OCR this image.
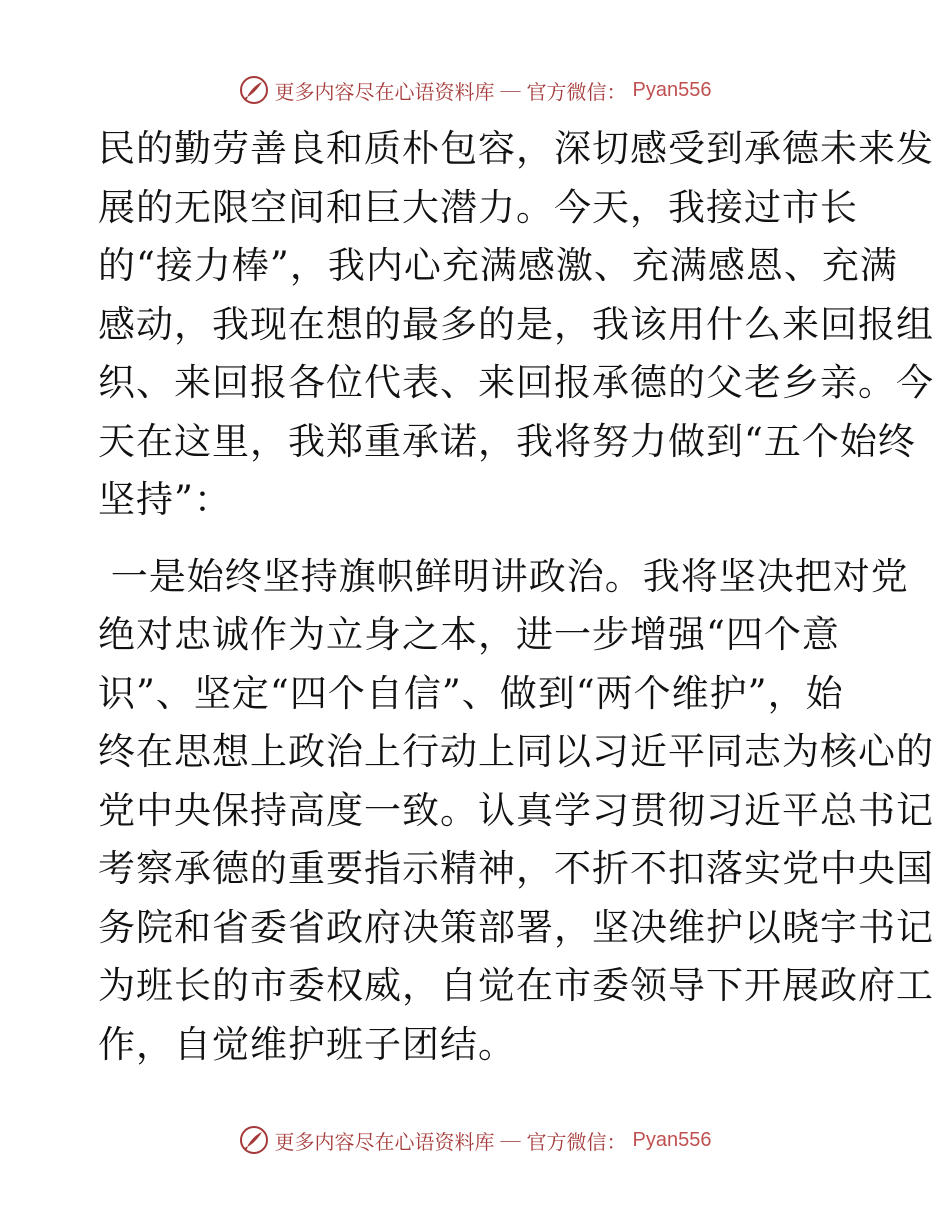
更多内容尽在心语资料库 — 官方微信： Pyan556

民的勤劳善良和质朴包容，深切感受到承德未来发
展的无限空间和巨大潜力。今天，我接过市长
的“接力棒”，我内心充满感激、充满感恩、充满
感动，我现在想的最多的是，我该用什么来回报组
织、来回报各位代表、来回报承德的父老乡亲。今
天在这里，我郑重承诺，我将努力做到“五个始终
坚持”：

一是始终坚持旗帜鲜明讲政治。我将坚决把对党
绝对忠诚作为立身之本，进一步增强“四个意
识”、坚定“四个自信”、做到“两个维护”，始
终在思想上政治上行动上同以习近平同志为核心的
党中央保持高度一致。认真学习贯彻习近平总书记
考察承德的重要指示精神，不折不扣落实党中央国
务院和省委省政府决策部署，坚决维护以晓宇书记
为班长的市委权威，自觉在市委领导下开展政府工
作，自觉维护班子团结。

更多内容尽在心语资料库 — 官方微信： Pyan556
